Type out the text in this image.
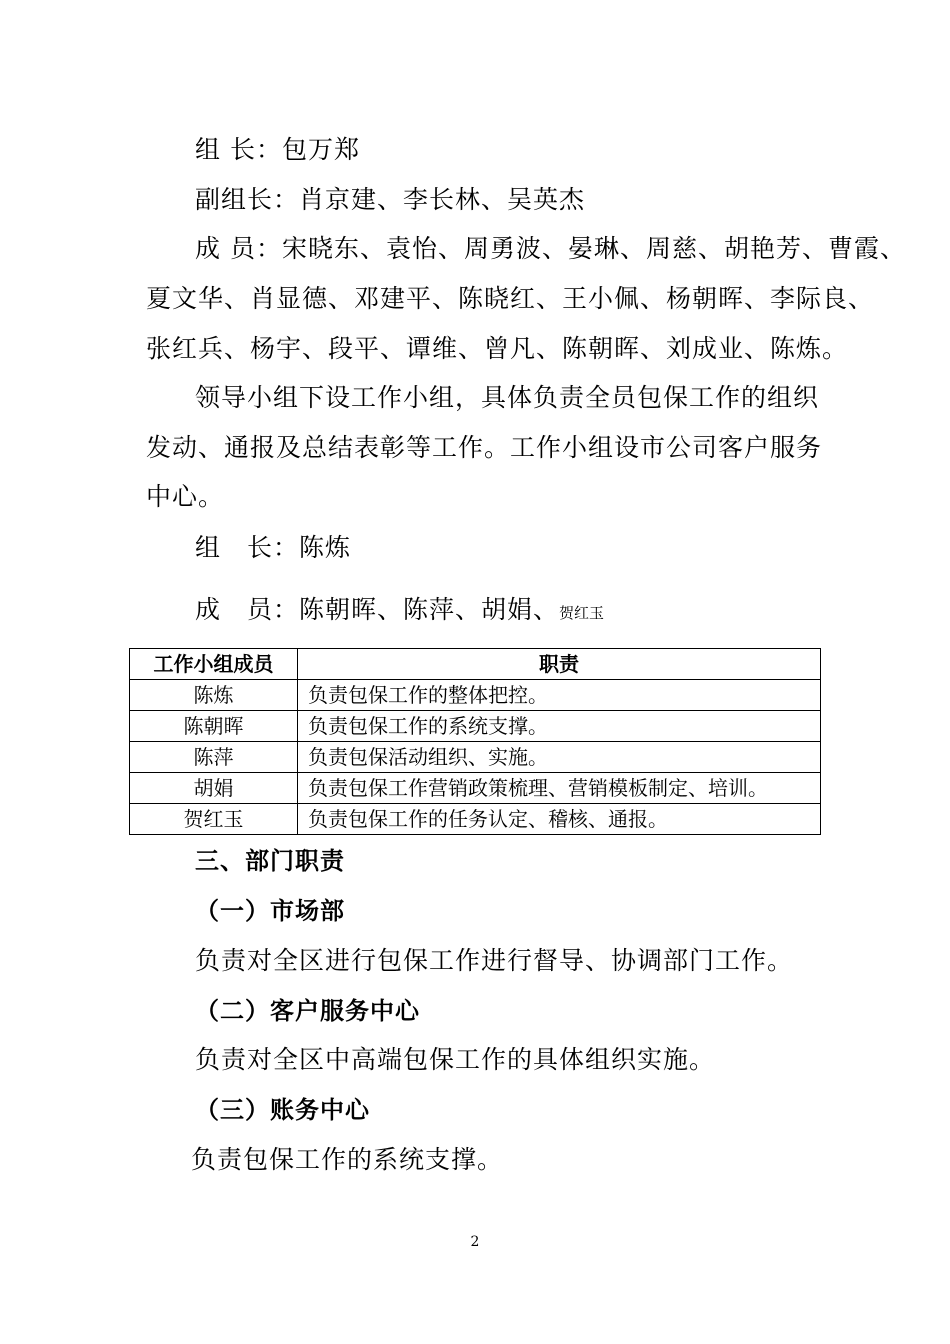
组 长：包万郑
副组长：肖京建、李长林、吴英杰
成 员：宋晓东、袁怡、周勇波、晏琳、周慈、胡艳芳、曹霞、
夏文华、肖显德、邓建平、陈晓红、王小佩、杨朝晖、李际良、
张红兵、杨宇、段平、谭维、曾凡、陈朝晖、刘成业、陈炼。
领导小组下设工作小组，具体负责全员包保工作的组织
发动、通报及总结表彰等工作。工作小组设市公司客户服务
中心。
组　长：陈炼
成　员：陈朝晖、陈萍、胡娟、贺红玉
工作小组成员	职责
陈炼	负责包保工作的整体把控。
陈朝晖	负责包保工作的系统支撑。
陈萍	负责包保活动组织、实施。
胡娟	负责包保工作营销政策梳理、营销模板制定、培训。
贺红玉	负责包保工作的任务认定、稽核、通报。
三、部门职责
（一）市场部
负责对全区进行包保工作进行督导、协调部门工作。
（二）客户服务中心
负责对全区中高端包保工作的具体组织实施。
（三）账务中心
负责包保工作的系统支撑。
2
